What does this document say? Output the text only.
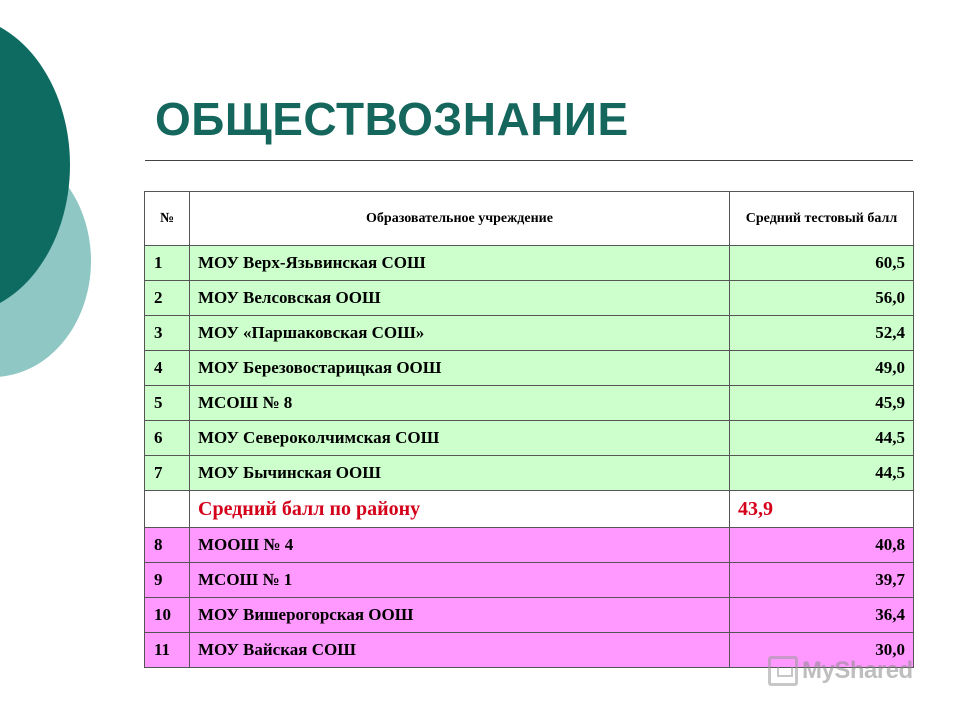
ОБЩЕСТВОЗНАНИЕ
№	Образовательное учреждение	Средний тестовый балл
1	МОУ Верх-Язьвинская СОШ	60,5
2	МОУ Велсовская ООШ	56,0
3	МОУ «Паршаковская СОШ»	52,4
4	МОУ Березовостарицкая ООШ	49,0
5	МСОШ № 8	45,9
6	МОУ Североколчимская СОШ	44,5
7	МОУ Бычинская ООШ	44,5
	Средний балл по району	43,9
8	МООШ № 4	40,8
9	МСОШ № 1	39,7
10	МОУ Вишерогорская ООШ	36,4
11	МОУ Вайская СОШ	30,0
MyShared
